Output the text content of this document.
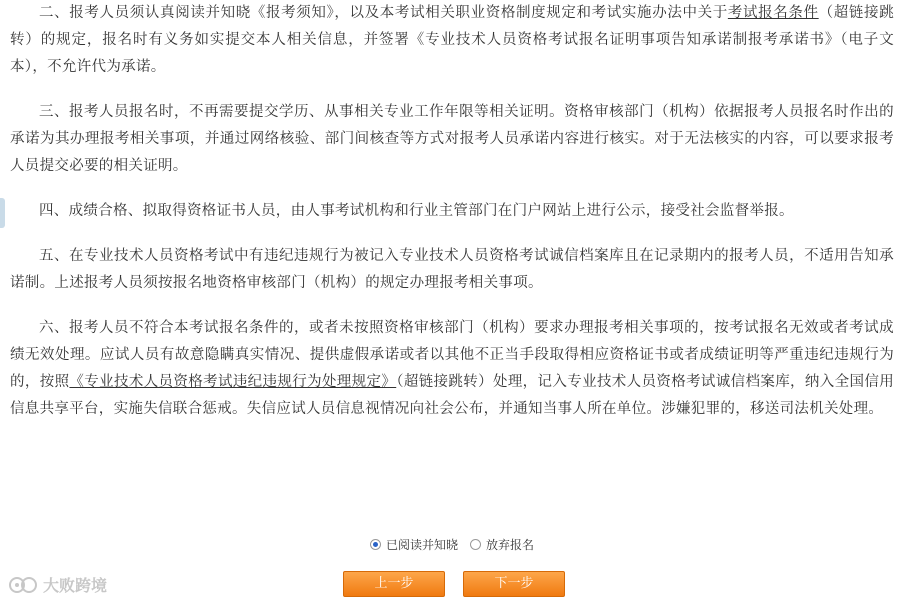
二、报考人员须认真阅读并知晓《报考须知》，以及本考试相关职业资格制度规定和考试实施办法中关于考试报名条件（超链接跳转）的规定，报名时有义务如实提交本人相关信息，并签署《专业技术人员资格考试报名证明事项告知承诺制报考承诺书》（电子文本），不允许代为承诺。

三、报考人员报名时，不再需要提交学历、从事相关专业工作年限等相关证明。资格审核部门（机构）依据报考人员报名时作出的承诺为其办理报考相关事项，并通过网络核验、部门间核查等方式对报考人员承诺内容进行核实。对于无法核实的内容，可以要求报考人员提交必要的相关证明。

四、成绩合格、拟取得资格证书人员，由人事考试机构和行业主管部门在门户网站上进行公示，接受社会监督举报。

五、在专业技术人员资格考试中有违纪违规行为被记入专业技术人员资格考试诚信档案库且在记录期内的报考人员，不适用告知承诺制。上述报考人员须按报名地资格审核部门（机构）的规定办理报考相关事项。

六、报考人员不符合本考试报名条件的，或者未按照资格审核部门（机构）要求办理报考相关事项的，按考试报名无效或者考试成绩无效处理。应试人员有故意隐瞒真实情况、提供虚假承诺或者以其他不正当手段取得相应资格证书或者成绩证明等严重违纪违规行为的，按照《专业技术人员资格考试违纪违规行为处理规定》（超链接跳转）处理，记入专业技术人员资格考试诚信档案库，纳入全国信用信息共享平台，实施失信联合惩戒。失信应试人员信息视情况向社会公布，并通知当事人所在单位。涉嫌犯罪的，移送司法机关处理。

已阅读并知晓 放弃报名
上一步	下一步
大败跨境
